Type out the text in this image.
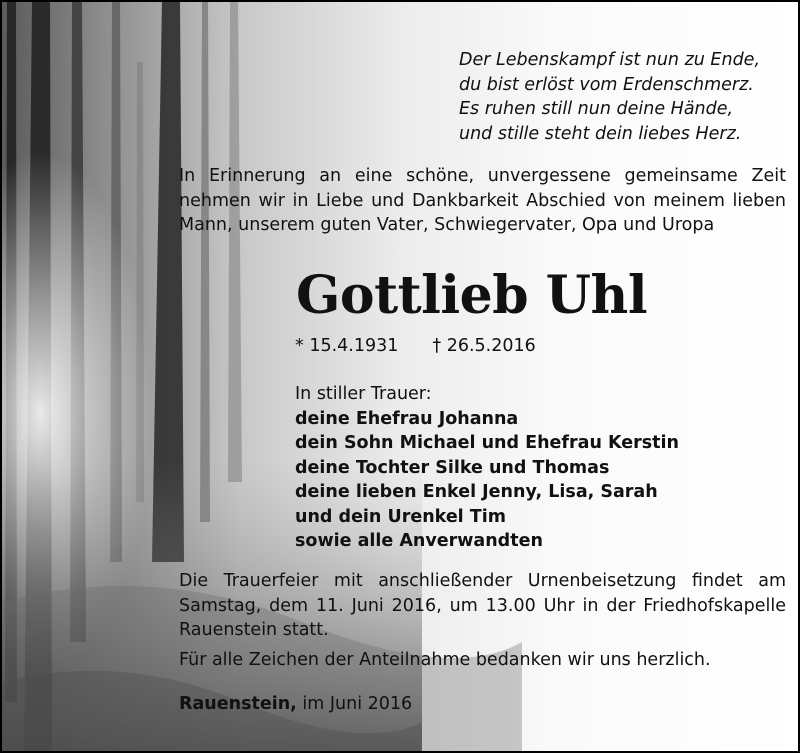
Der Lebenskampf ist nun zu Ende,
du bist erlöst vom Erdenschmerz.
Es ruhen still nun deine Hände,
und stille steht dein liebes Herz.

In Erinnerung an eine schöne, unvergessene gemeinsame Zeit nehmen wir in Liebe und Dankbarkeit Abschied von meinem lieben Mann, unserem guten Vater, Schwiegervater, Opa und Uropa

Gottlieb Uhl
* 15.4.1931 † 26.5.2016
In stiller Trauer:
deine Ehefrau Johanna
dein Sohn Michael und Ehefrau Kerstin
deine Tochter Silke und Thomas
deine lieben Enkel Jenny, Lisa, Sarah
und dein Urenkel Tim
sowie alle Anverwandten
Die Trauerfeier mit anschließender Urnenbeisetzung findet am Samstag, dem 11. Juni 2016, um 13.00 Uhr in der Friedhofskapelle Rauenstein statt.
Für alle Zeichen der Anteilnahme bedanken wir uns herzlich.
Rauenstein, im Juni 2016
